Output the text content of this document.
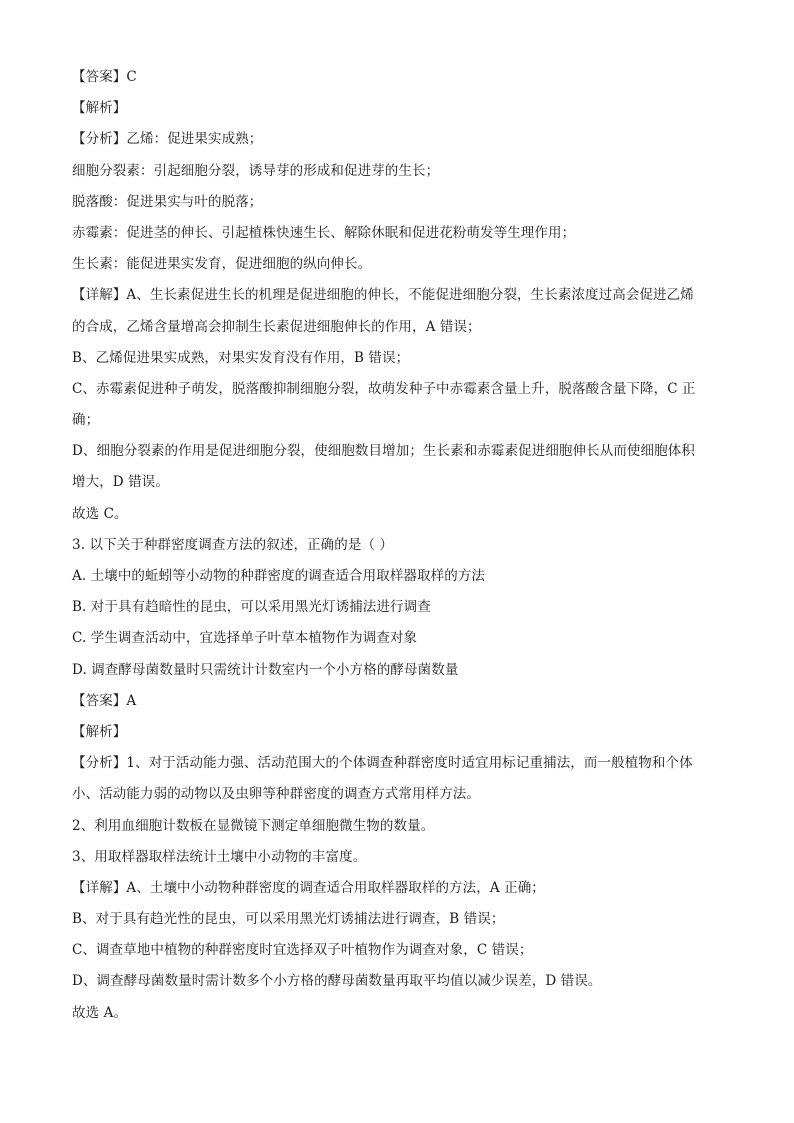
【答案】C
【解析】
【分析】乙烯：促进果实成熟；
细胞分裂素：引起细胞分裂，诱导芽的形成和促进芽的生长；
脱落酸：促进果实与叶的脱落；
赤霉素：促进茎的伸长、引起植株快速生长、解除休眠和促进花粉萌发等生理作用；
生长素：能促进果实发育，促进细胞的纵向伸长。
【详解】A、生长素促进生长的机理是促进细胞的伸长，不能促进细胞分裂，生长素浓度过高会促进乙烯
的合成，乙烯含量增高会抑制生长素促进细胞伸长的作用，A 错误；
B、乙烯促进果实成熟，对果实发育没有作用，B 错误；
C、赤霉素促进种子萌发，脱落酸抑制细胞分裂，故萌发种子中赤霉素含量上升，脱落酸含量下降，C 正
确；
D、细胞分裂素的作用是促进细胞分裂，使细胞数目增加；生长素和赤霉素促进细胞伸长从而使细胞体积
增大，D 错误。
故选 C。
3. 以下关于种群密度调查方法的叙述，正确的是（ ）
A. 土壤中的蚯蚓等小动物的种群密度的调查适合用取样器取样的方法
B. 对于具有趋暗性的昆虫，可以采用黑光灯诱捕法进行调查
C. 学生调查活动中，宜选择单子叶草本植物作为调查对象
D. 调查酵母菌数量时只需统计计数室内一个小方格的酵母菌数量
【答案】A
【解析】
【分析】1、对于活动能力强、活动范围大的个体调查种群密度时适宜用标记重捕法，而一般植物和个体
小、活动能力弱的动物以及虫卵等种群密度的调查方式常用样方法。
2、利用血细胞计数板在显微镜下测定单细胞微生物的数量。
3、用取样器取样法统计土壤中小动物的丰富度。
【详解】A、土壤中小动物种群密度的调查适合用取样器取样的方法，A 正确；
B、对于具有趋光性的昆虫，可以采用黑光灯诱捕法进行调查，B 错误；
C、调查草地中植物的种群密度时宜选择双子叶植物作为调查对象，C 错误；
D、调查酵母菌数量时需计数多个小方格的酵母菌数量再取平均值以减少误差，D 错误。
故选 A。
